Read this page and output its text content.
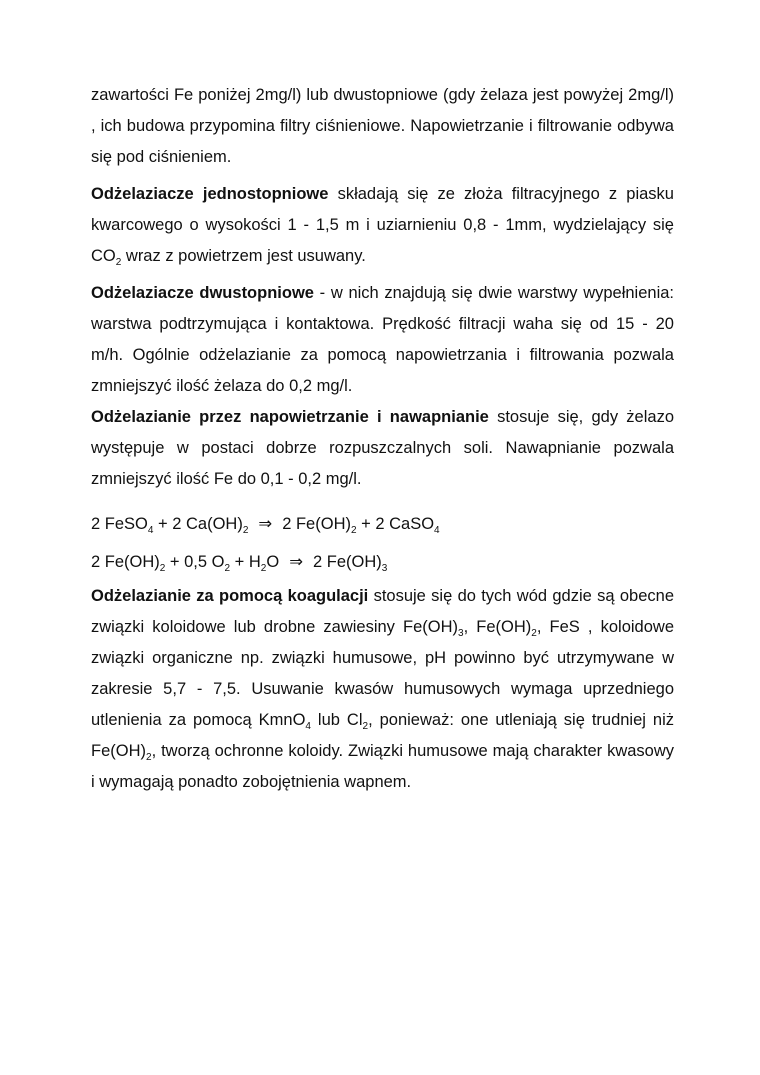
zawartości Fe poniżej 2mg/l) lub dwustopniowe (gdy żelaza jest powyżej 2mg/l) , ich budowa przypomina filtry ciśnieniowe. Napowietrzanie i filtrowanie odbywa się pod ciśnieniem.

Odżelaziacze jednostopniowe składają się ze złoża filtracyjnego z piasku kwarcowego o wysokości 1 - 1,5 m i uziarnieniu 0,8 - 1mm, wydzielający się $CO_2$ wraz z powietrzem jest usuwany.

Odżelaziacze dwustopniowe - w nich znajdują się dwie warstwy wypełnienia: warstwa podtrzymująca i kontaktowa. Prędkość filtracji waha się od 15 - 20 m/h. Ogólnie odżelazianie za pomocą napowietrzania i filtrowania pozwala zmniejszyć ilość żelaza do 0,2 mg/l.

Odżelazianie przez napowietrzanie i nawapnianie stosuje się, gdy żelazo występuje w postaci dobrze rozpuszczalnych soli. Nawapnianie pozwala zmniejszyć ilość Fe do 0,1 - 0,2 mg/l.

2 FeSO$_4$ + 2 $Ca(OH)_2$ ⇒ 2 $Fe(OH)_2 + 2$ CaSO$_4$

2 $Fe(OH)_2 + 0,5$ $O_2 + H_2O$ ⇒ 2 $Fe(OH)_3$

Odżelazianie za pomocą koagulacji stosuje się do tych wód gdzie są obecne związki koloidowe lub drobne zawiesiny $Fe(OH)_3$, $Fe(OH)_2$, FeS , koloidowe związki organiczne np. związki humusowe, pH powinno być utrzymywane w zakresie 5,7 - 7,5. Usuwanie kwasów humusowych wymaga uprzedniego utlenienia za pomocą KmnO$_4$ lub $Cl_2$, ponieważ: one utleniają się trudniej niż $Fe(OH)_2$, tworzą ochronne koloidy. Związki humusowe mają charakter kwasowy i wymagają ponadto zobojętnienia wapnem.
